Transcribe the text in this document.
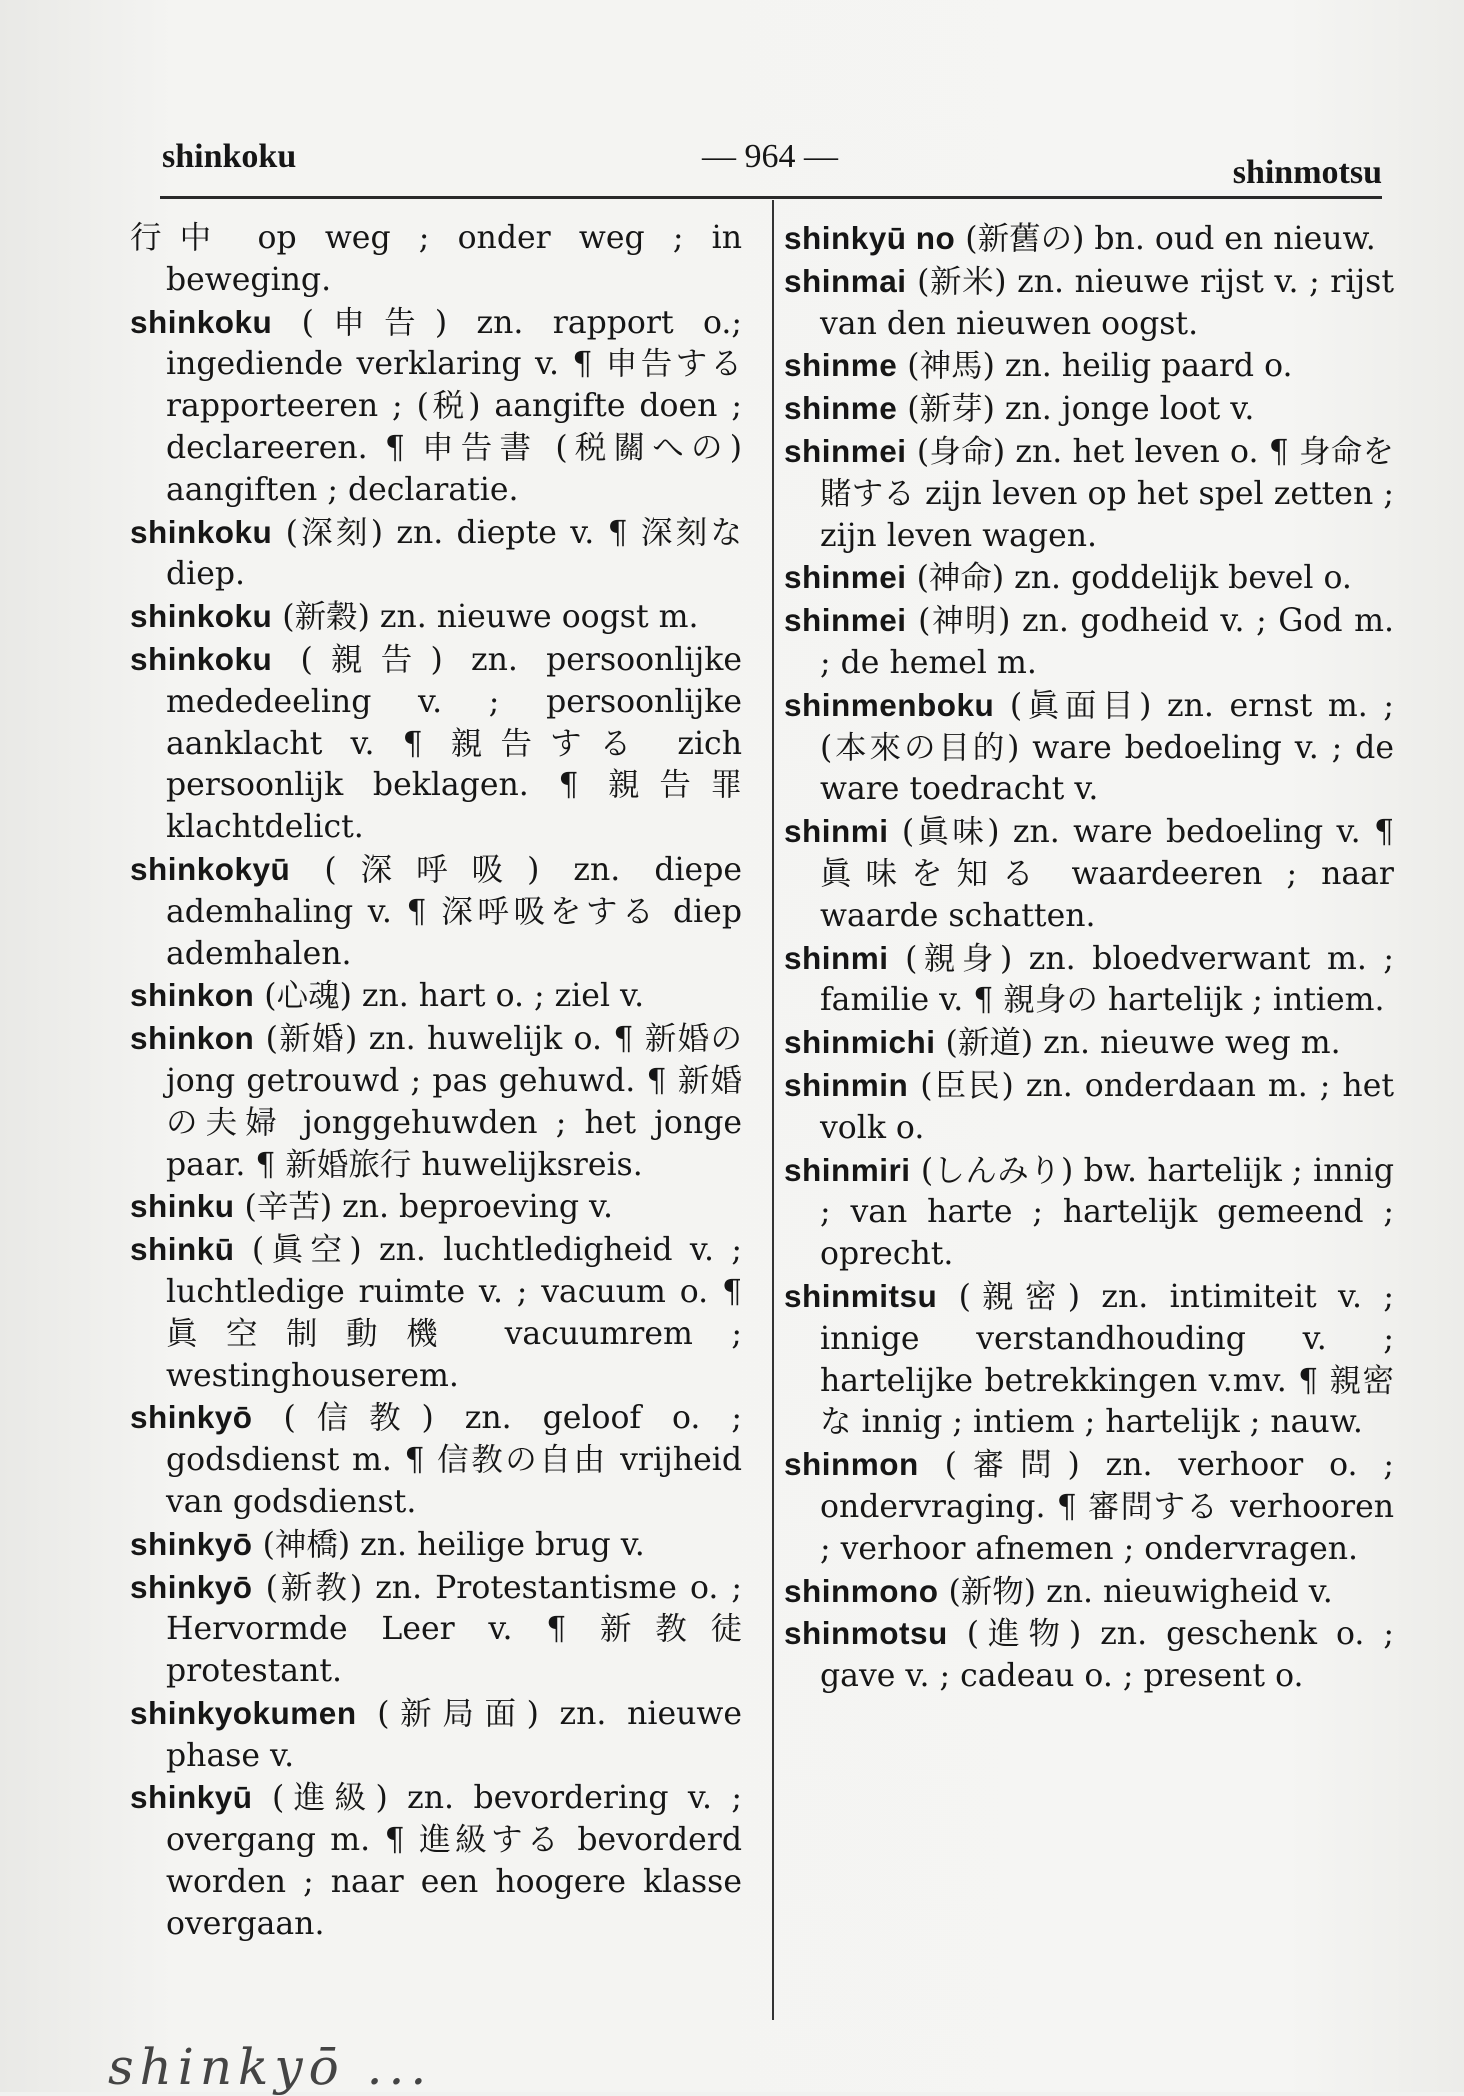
shinkoku	— 964 —	shinmotsu

行中 op weg ; onder weg ; in beweging.

shinkoku (申告) zn. rapport o.; ingediende verklaring v. ¶ 申告する rapporteeren ; (税) aangifte doen ; declareeren. ¶ 申告書 (税關への) aangiften ; declaratie.

shinkoku (深刻) zn. diepte v. ¶ 深刻な diep.

shinkoku (新穀) zn. nieuwe oogst m.

shinkoku (親告) zn. persoonlijke mededeeling v. ; persoonlijke aanklacht v. ¶ 親告する zich persoonlijk beklagen. ¶ 親告罪 klachtdelict.

shinkokyū (深呼吸) zn. diepe ademhaling v. ¶ 深呼吸をする diep ademhalen.

shinkon (心魂) zn. hart o. ; ziel v.

shinkon (新婚) zn. huwelijk o. ¶ 新婚の jong getrouwd ; pas gehuwd. ¶ 新婚の夫婦 jonggehuwden ; het jonge paar. ¶ 新婚旅行 huwelijksreis.

shinku (辛苦) zn. beproeving v.

shinkū (眞空) zn. luchtledigheid v. ; luchtledige ruimte v. ; vacuum o. ¶ 眞空制動機 vacuumrem ; westinghouserem.

shinkyō (信教) zn. geloof o. ; godsdienst m. ¶ 信教の自由 vrijheid van godsdienst.

shinkyō (神橋) zn. heilige brug v.

shinkyō (新教) zn. Protestantisme o. ; Hervormde Leer v. ¶ 新教徒 protestant.

shinkyokumen (新局面) zn. nieuwe phase v.

shinkyū (進級) zn. bevordering v. ; overgang m. ¶ 進級する bevorderd worden ; naar een hoogere klasse overgaan.

shinkyū no (新舊の) bn. oud en nieuw.

shinmai (新米) zn. nieuwe rijst v. ; rijst van den nieuwen oogst.

shinme (神馬) zn. heilig paard o.

shinme (新芽) zn. jonge loot v.

shinmei (身命) zn. het leven o. ¶ 身命を賭する zijn leven op het spel zetten ; zijn leven wagen.

shinmei (神命) zn. goddelijk bevel o.

shinmei (神明) zn. godheid v. ; God m. ; de hemel m.

shinmenboku (眞面目) zn. ernst m. ; (本來の目的) ware bedoeling v. ; de ware toedracht v.

shinmi (眞味) zn. ware bedoeling v. ¶ 眞味を知る waardeeren ; naar waarde schatten.

shinmi (親身) zn. bloedverwant m. ; familie v. ¶ 親身の hartelijk ; intiem.

shinmichi (新道) zn. nieuwe weg m.

shinmin (臣民) zn. onderdaan m. ; het volk o.

shinmiri (しんみり) bw. hartelijk ; innig ; van harte ; hartelijk gemeend ; oprecht.

shinmitsu (親密) zn. intimiteit v. ; innige verstandhouding v. ; hartelijke betrekkingen v.mv. ¶ 親密な innig ; intiem ; hartelijk ; nauw.

shinmon (審問) zn. verhoor o. ; ondervraging. ¶ 審問する verhooren ; verhoor afnemen ; ondervragen.

shinmono (新物) zn. nieuwigheid v.

shinmotsu (進物) zn. geschenk o. ; gave v. ; cadeau o. ; present o.

shinkyō ...
